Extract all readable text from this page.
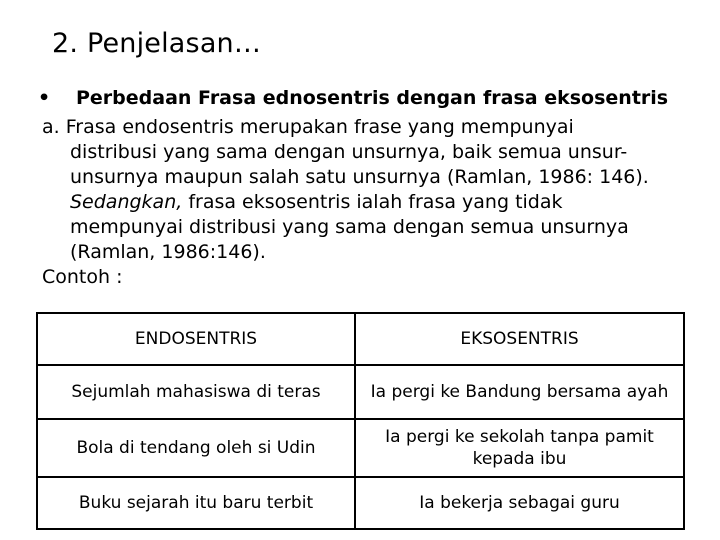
2. Penjelasan…
•	Perbedaan Frasa ednosentris dengan frasa eksosentris
a. Frasa endosentris merupakan frase yang mempunyai
distribusi yang sama dengan unsurnya, baik semua unsur-
unsurnya maupun salah satu unsurnya (Ramlan, 1986: 146).
Sedangkan, frasa eksosentris ialah frasa yang tidak
mempunyai distribusi yang sama dengan semua unsurnya
(Ramlan, 1986:146).
Contoh :
ENDOSENTRIS	EKSOSENTRIS
Sejumlah mahasiswa di teras	Ia pergi ke Bandung bersama ayah
Bola di tendang oleh si Udin	Ia pergi ke sekolah tanpa pamit kepada ibu
Buku sejarah itu baru terbit	Ia bekerja sebagai guru
